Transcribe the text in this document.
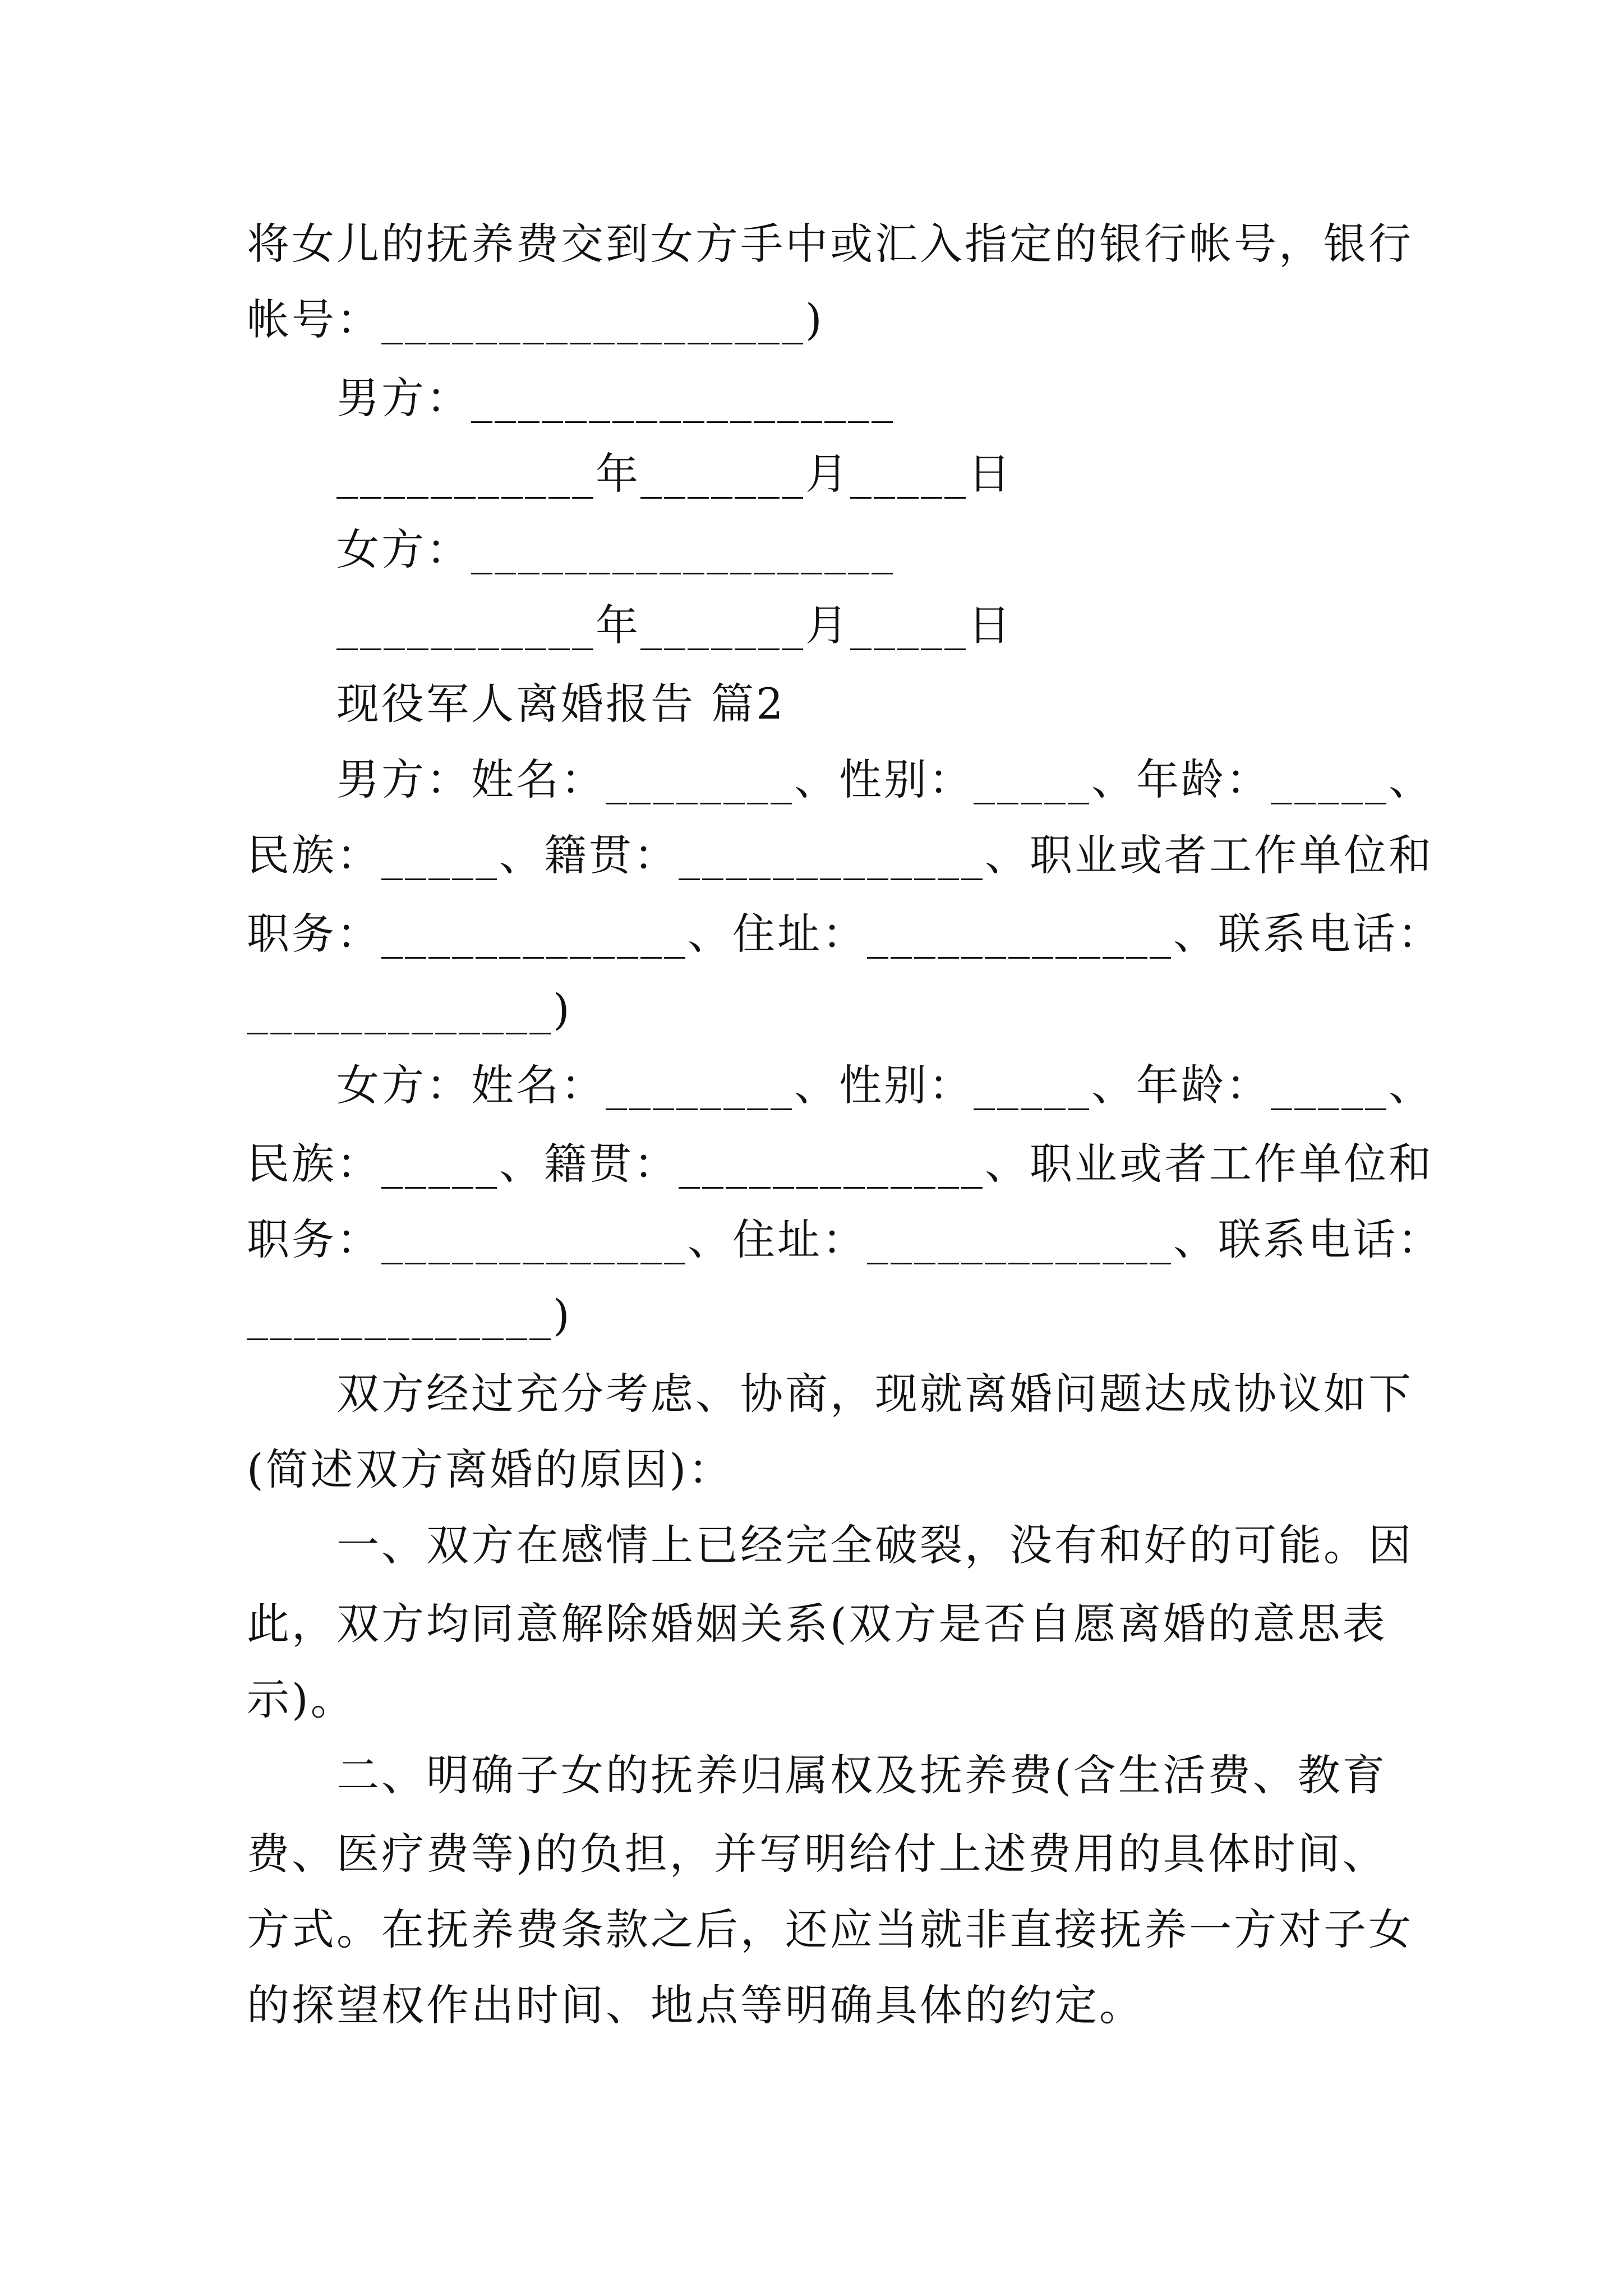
将女儿的抚养费交到女方手中或汇入指定的银行帐号，银行
帐号：__________________)
男方：__________________
___________年_______月_____日
女方：__________________
___________年_______月_____日
现役军人离婚报告 篇2
男方：姓名：________、性别：_____、年龄：_____、
民族：_____、籍贯：_____________、职业或者工作单位和
职务：_____________、住址：_____________、联系电话：
_____________)
女方：姓名：________、性别：_____、年龄：_____、
民族：_____、籍贯：_____________、职业或者工作单位和
职务：_____________、住址：_____________、联系电话：
_____________)
双方经过充分考虑、协商，现就离婚问题达成协议如下
(简述双方离婚的原因)：
一、双方在感情上已经完全破裂，没有和好的可能。因
此，双方均同意解除婚姻关系(双方是否自愿离婚的意思表
示)。
二、明确子女的抚养归属权及抚养费(含生活费、教育
费、医疗费等)的负担，并写明给付上述费用的具体时间、
方式。在抚养费条款之后，还应当就非直接抚养一方对子女
的探望权作出时间、地点等明确具体的约定。
